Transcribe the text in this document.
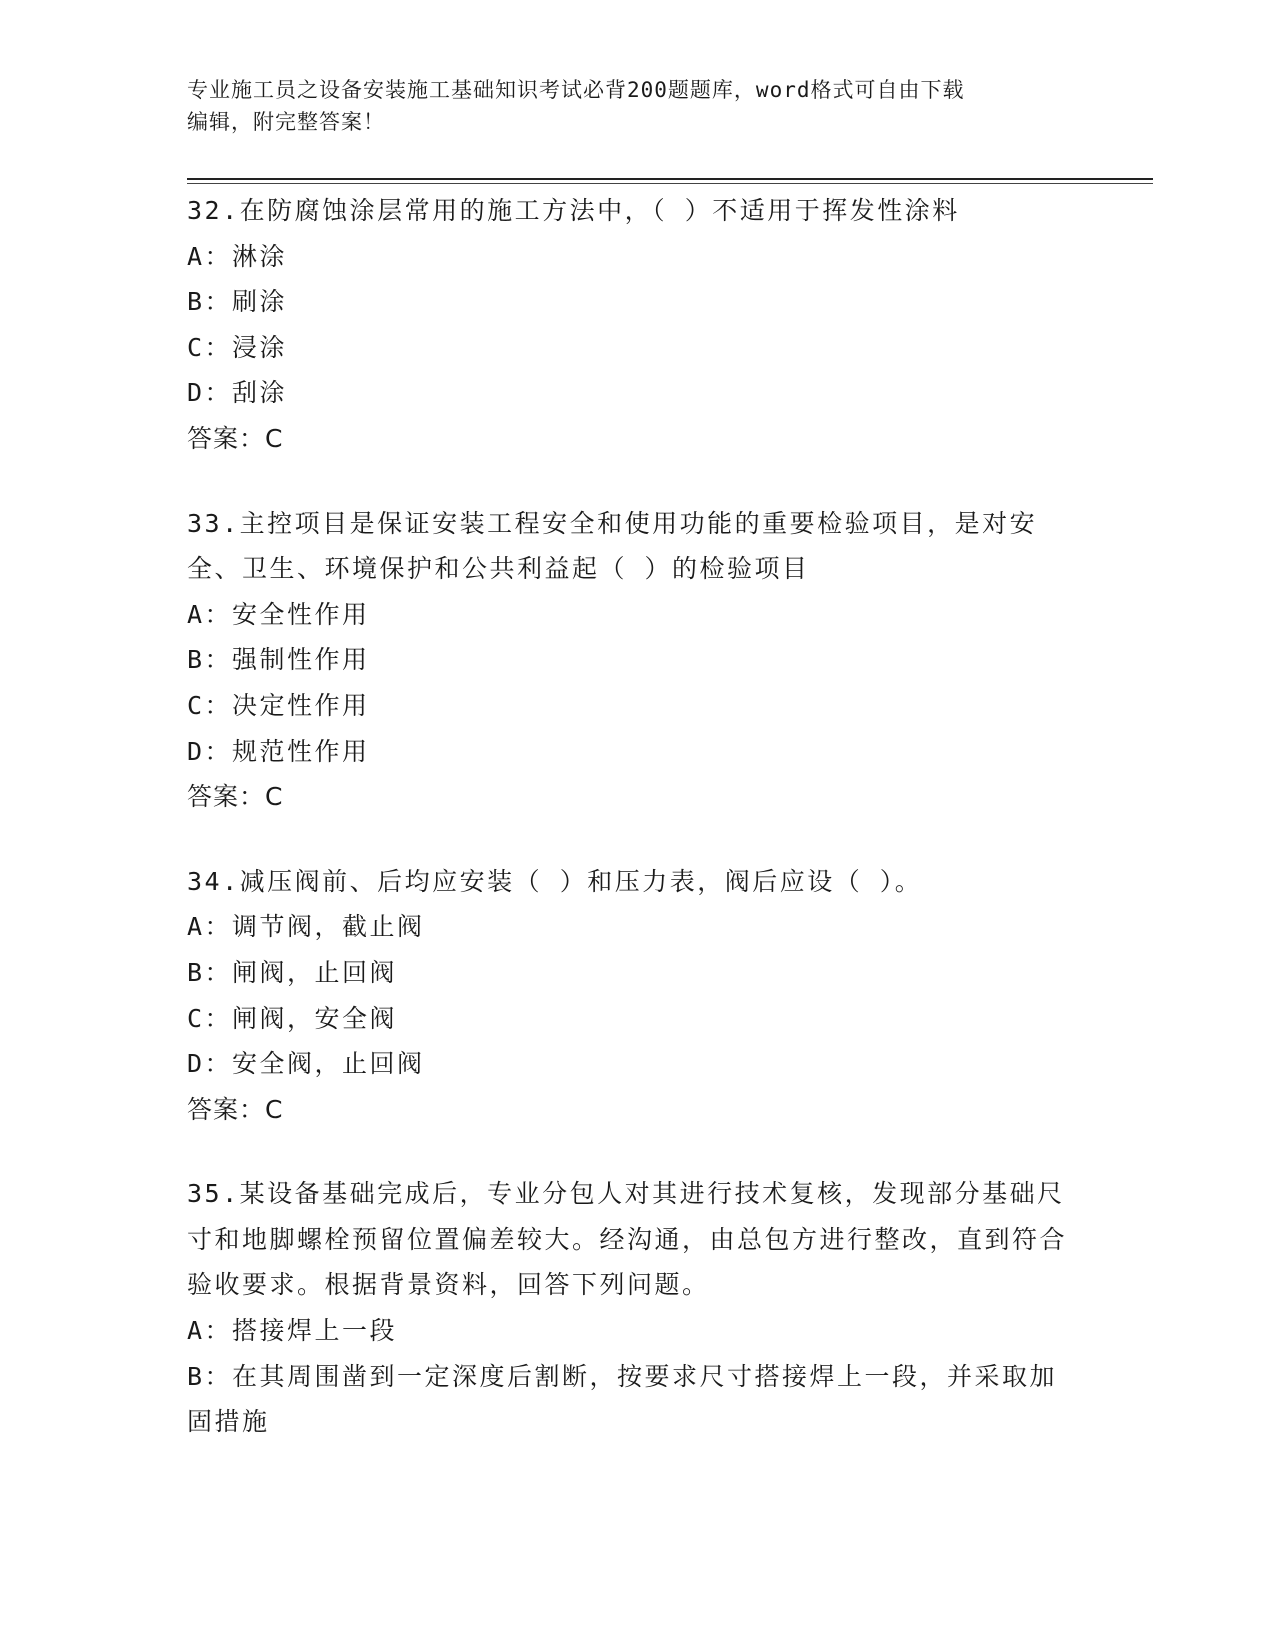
专业施工员之设备安装施工基础知识考试必背200题题库，word格式可自由下载
编辑，附完整答案！
32.在防腐蚀涂层常用的施工方法中，（ ）不适用于挥发性涂料
A：淋涂
B：刷涂
C：浸涂
D：刮涂
答案：C
33.主控项目是保证安装工程安全和使用功能的重要检验项目，是对安全、卫生、环境保护和公共利益起（ ）的检验项目
A：安全性作用
B：强制性作用
C：决定性作用
D：规范性作用
答案：C
34.减压阀前、后均应安装（ ）和压力表，阀后应设（ ）。
A：调节阀，截止阀
B：闸阀，止回阀
C：闸阀，安全阀
D：安全阀，止回阀
答案：C
35.某设备基础完成后，专业分包人对其进行技术复核，发现部分基础尺寸和地脚螺栓预留位置偏差较大。经沟通，由总包方进行整改，直到符合验收要求。根据背景资料，回答下列问题。
A：搭接焊上一段
B：在其周围凿到一定深度后割断，按要求尺寸搭接焊上一段，并采取加固措施
